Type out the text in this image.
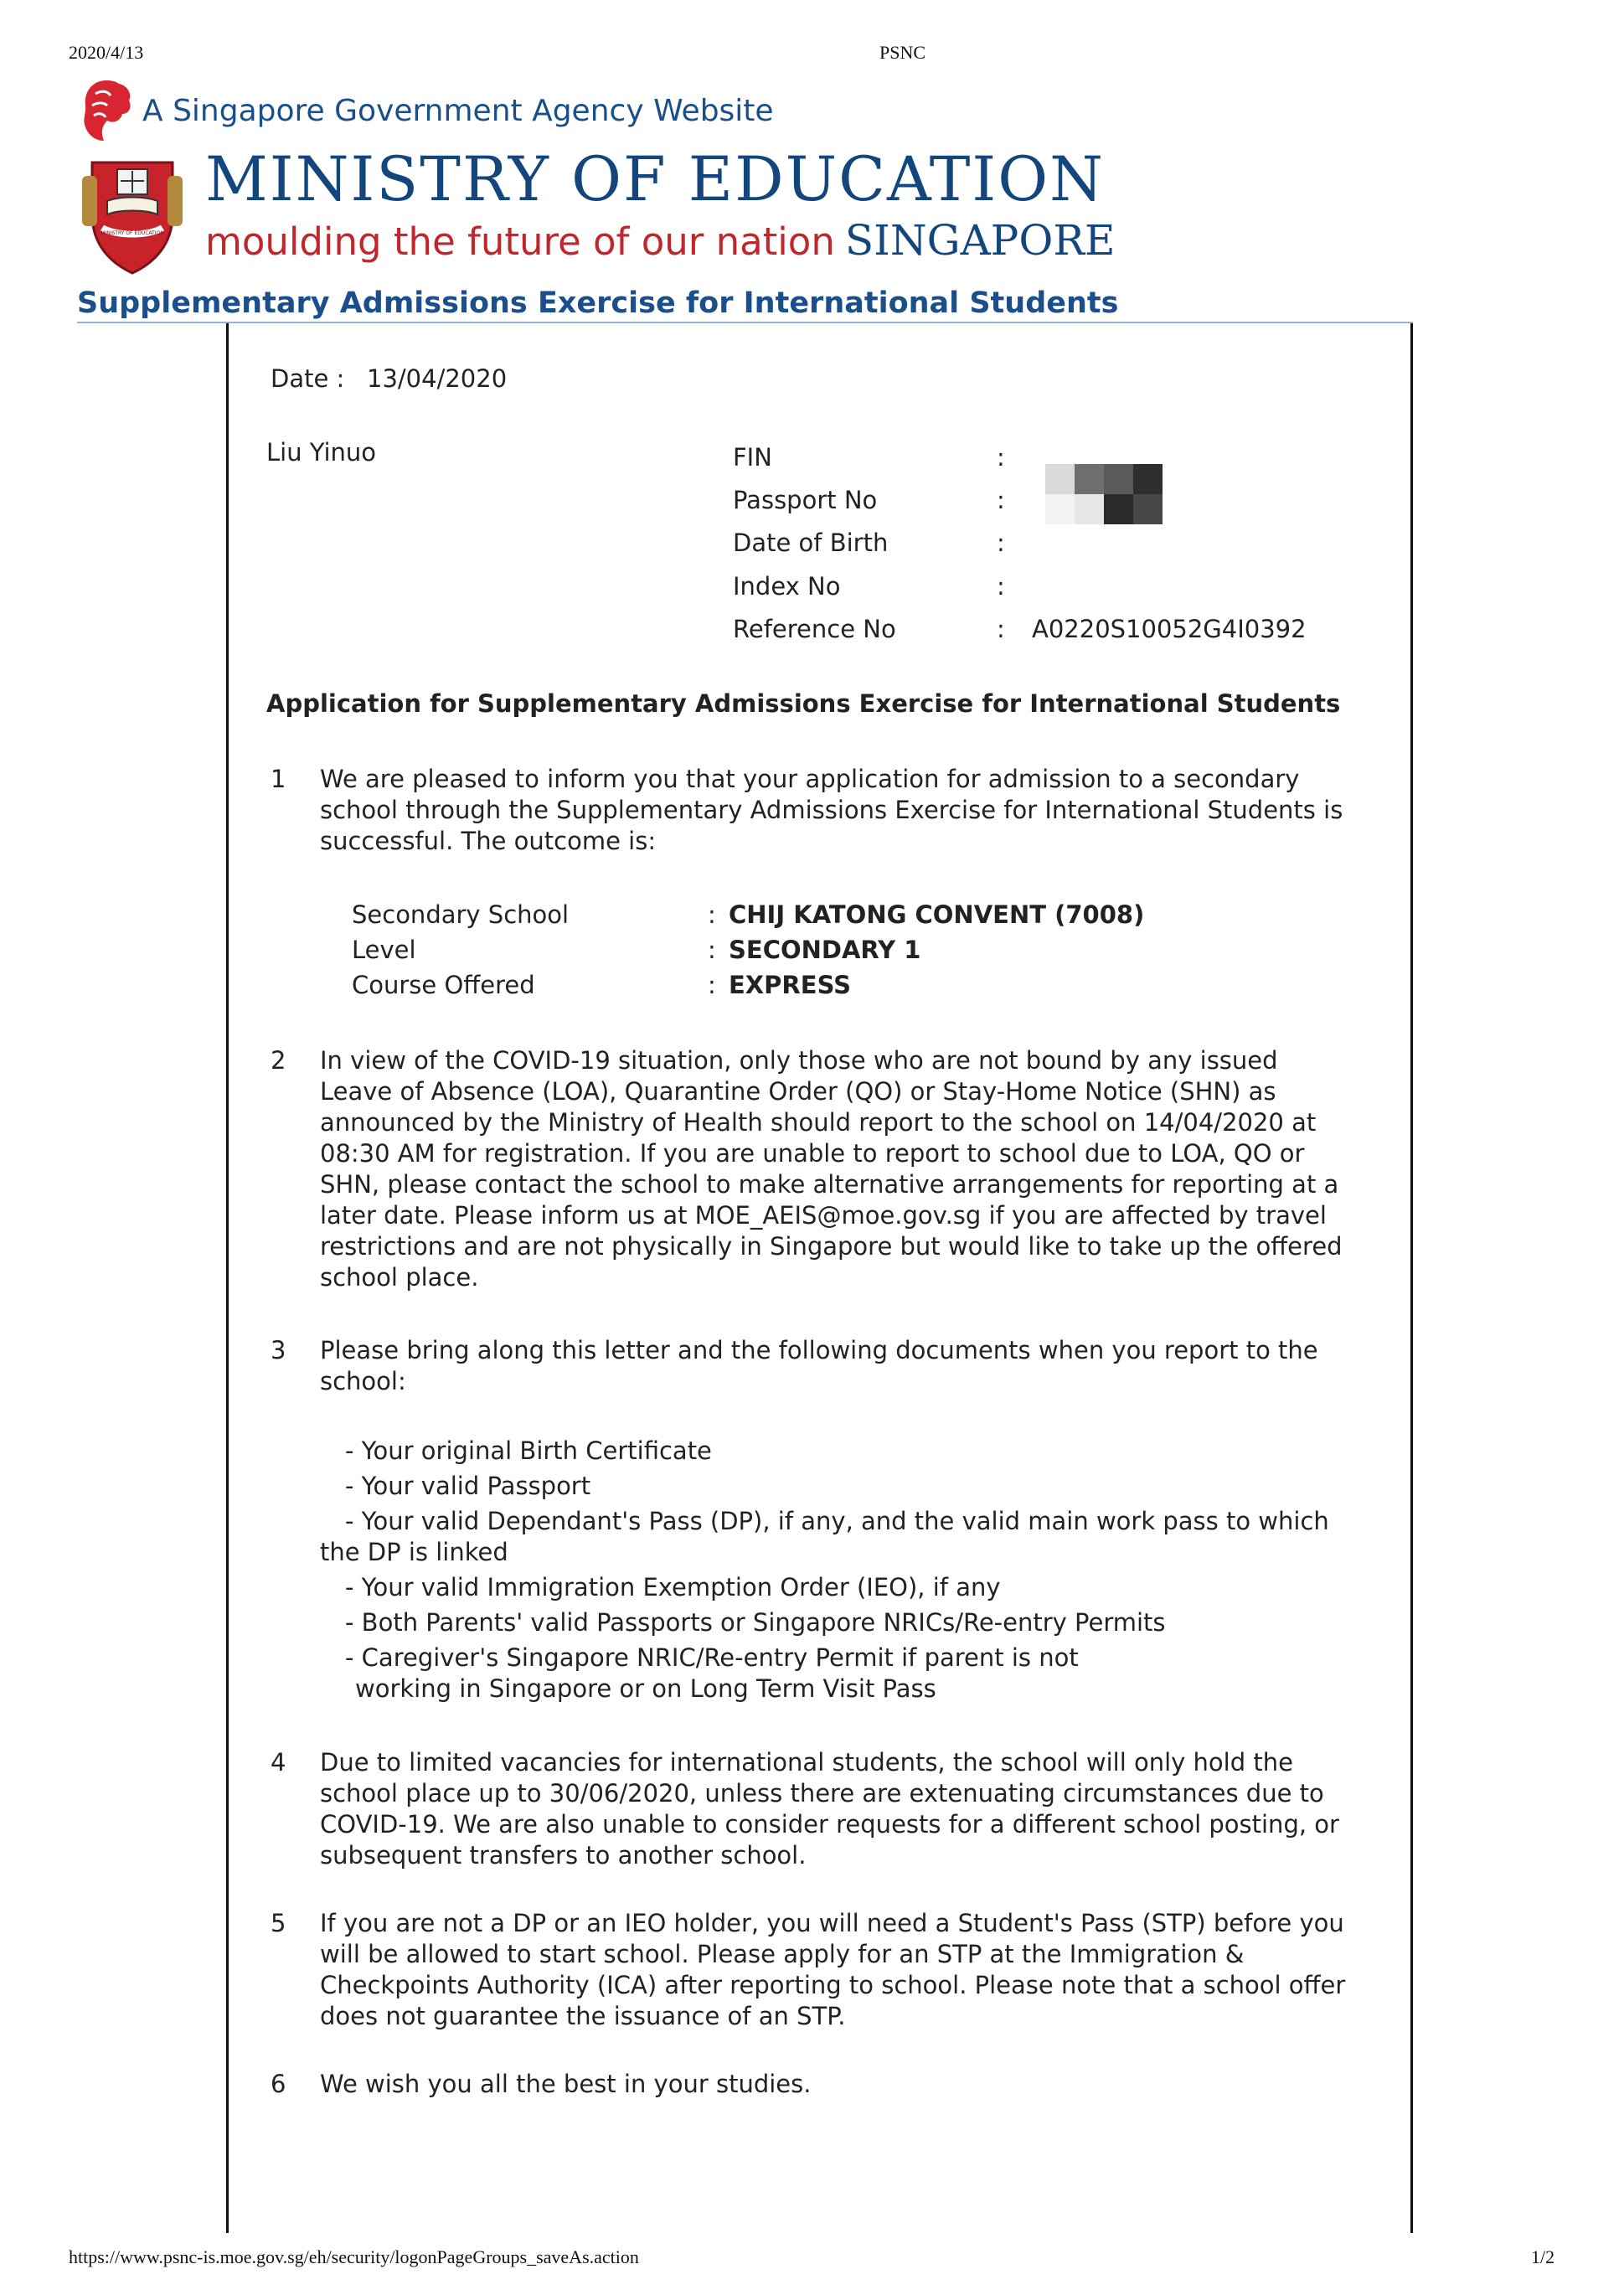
2020/4/13	PSNC
A Singapore Government Agency Website
MINISTRY OF EDUCATION
MINISTRY OF EDUCATION
moulding the future of our nation SINGAPORE
Supplementary Admissions Exercise for International Students
Date : 13/04/2020
Liu Yinuo	FIN	:
Passport No	:
Date of Birth	:
Index No	:
Reference No	: A0220S10052G4I0392
Application for Supplementary Admissions Exercise for International Students
1 We are pleased to inform you that your application for admission to a secondary
school through the Supplementary Admissions Exercise for International Students is
successful. The outcome is:
Secondary School	: CHIJ KATONG CONVENT (7008)
Level	: SECONDARY 1
Course Offered	: EXPRESS
2 In view of the COVID-19 situation, only those who are not bound by any issued
Leave of Absence (LOA), Quarantine Order (QO) or Stay-Home Notice (SHN) as
announced by the Ministry of Health should report to the school on 14/04/2020 at
08:30 AM for registration. If you are unable to report to school due to LOA, QO or
SHN, please contact the school to make alternative arrangements for reporting at a
later date. Please inform us at MOE_AEIS@moe.gov.sg if you are affected by travel
restrictions and are not physically in Singapore but would like to take up the offered
school place.
3 Please bring along this letter and the following documents when you report to the
school:
- Your original Birth Certificate
- Your valid Passport
- Your valid Dependant's Pass (DP), if any, and the valid main work pass to which
the DP is linked
- Your valid Immigration Exemption Order (IEO), if any
- Both Parents' valid Passports or Singapore NRICs/Re-entry Permits
- Caregiver's Singapore NRIC/Re-entry Permit if parent is not
working in Singapore or on Long Term Visit Pass
4 Due to limited vacancies for international students, the school will only hold the
school place up to 30/06/2020, unless there are extenuating circumstances due to
COVID-19. We are also unable to consider requests for a different school posting, or
subsequent transfers to another school.
5 If you are not a DP or an IEO holder, you will need a Student's Pass (STP) before you
will be allowed to start school. Please apply for an STP at the Immigration &
Checkpoints Authority (ICA) after reporting to school. Please note that a school offer
does not guarantee the issuance of an STP.
6 We wish you all the best in your studies.
https://www.psnc-is.moe.gov.sg/eh/security/logonPageGroups_saveAs.action	1/2
